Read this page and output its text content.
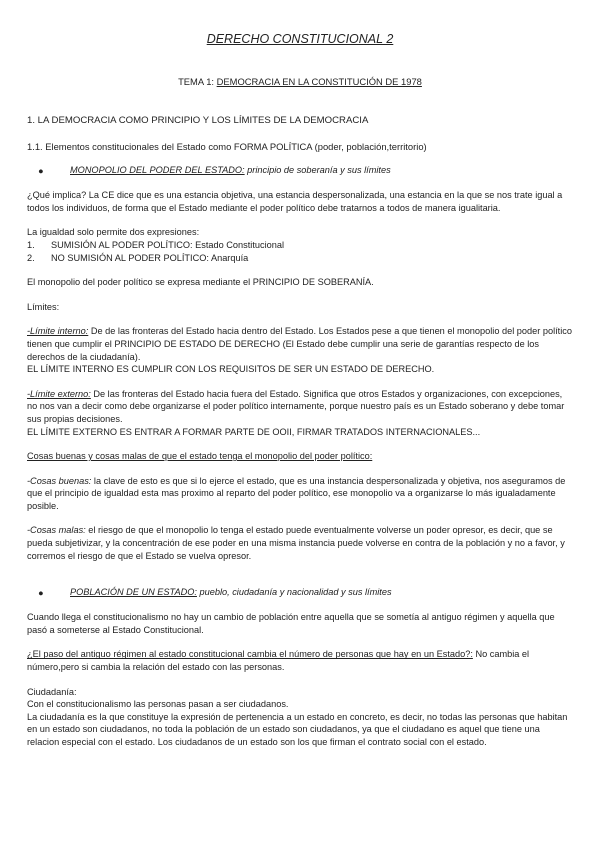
DERECHO CONSTITUCIONAL 2

TEMA 1: DEMOCRACIA EN LA CONSTITUCIÓN DE 1978

1. LA DEMOCRACIA COMO PRINCIPIO Y LOS LÍMITES DE LA DEMOCRACIA

1.1. Elementos constitucionales del Estado como FORMA POLÍTICA (poder, población,territorio)

●	MONOPOLIO DEL PODER DEL ESTADO: principio de soberanía y sus límites

¿Qué implica? La CE dice que es una estancia objetiva, una estancia despersonalizada, una estancia en la que se nos trate igual a todos los individuos, de forma que el Estado mediante el poder político debe tratarnos a todos de manera igualitaria.

La igualdad solo permite dos expresiones:

1. SUMISIÓN AL PODER POLÍTICO: Estado Constitucional

2. NO SUMISIÓN AL PODER POLÍTICO: Anarquía

El monopolio del poder político se expresa mediante el PRINCIPIO DE SOBERANÍA.

Límites:

-Límite interno: De de las fronteras del Estado hacia dentro del Estado. Los Estados pese a que tienen el monopolio del poder político tienen que cumplir el PRINCIPIO DE ESTADO DE DERECHO (El Estado debe cumplir una serie de garantías respecto de los derechos de la ciudadanía).

EL LÍMITE INTERNO ES CUMPLIR CON LOS REQUISITOS DE SER UN ESTADO DE DERECHO.

-Límite externo: De las fronteras del Estado hacia fuera del Estado. Significa que otros Estados y organizaciones, con excepciones, no nos van a decir como debe organizarse el poder político internamente, porque nuestro país es un Estado soberano y debe tomar sus propias decisiones.

EL LÍMITE EXTERNO ES ENTRAR A FORMAR PARTE DE OOII, FIRMAR TRATADOS INTERNACIONALES...

Cosas buenas y cosas malas de que el estado tenga el monopolio del poder político:

-Cosas buenas: la clave de esto es que si lo ejerce el estado, que es una instancia despersonalizada y objetiva, nos aseguramos de que el principio de igualdad esta mas proximo al reparto del poder político, ese monopolio va a organizarse lo más igualadamente posible.

-Cosas malas: el riesgo de que el monopolio lo tenga el estado puede eventualmente volverse un poder opresor, es decir, que se pueda subjetivizar, y la concentración de ese poder en una misma instancia puede volverse en contra de la población y no a favor, y corremos el riesgo de que el Estado se vuelva opresor.

●	POBLACIÓN DE UN ESTADO: pueblo, ciudadanía y nacionalidad y sus límites

Cuando llega el constitucionalismo no hay un cambio de población entre aquella que se sometía al antiguo régimen y aquella que pasó a someterse al Estado Constitucional.

¿El paso del antiguo régimen al estado constitucional cambia el número de personas que hay en un Estado?: No cambia el número,pero si cambia la relación del estado con las personas.

Ciudadanía:

Con el constitucionalismo las personas pasan a ser ciudadanos.

La ciudadanía es la que constituye la expresión de pertenencia a un estado en concreto, es decir, no todas las personas que habitan en un estado son ciudadanos, no toda la población de un estado son ciudadanos, ya que el ciudadano es aquel que tiene una relacion especial con el estado. Los ciudadanos de un estado son los que firman el contrato social con el estado.
